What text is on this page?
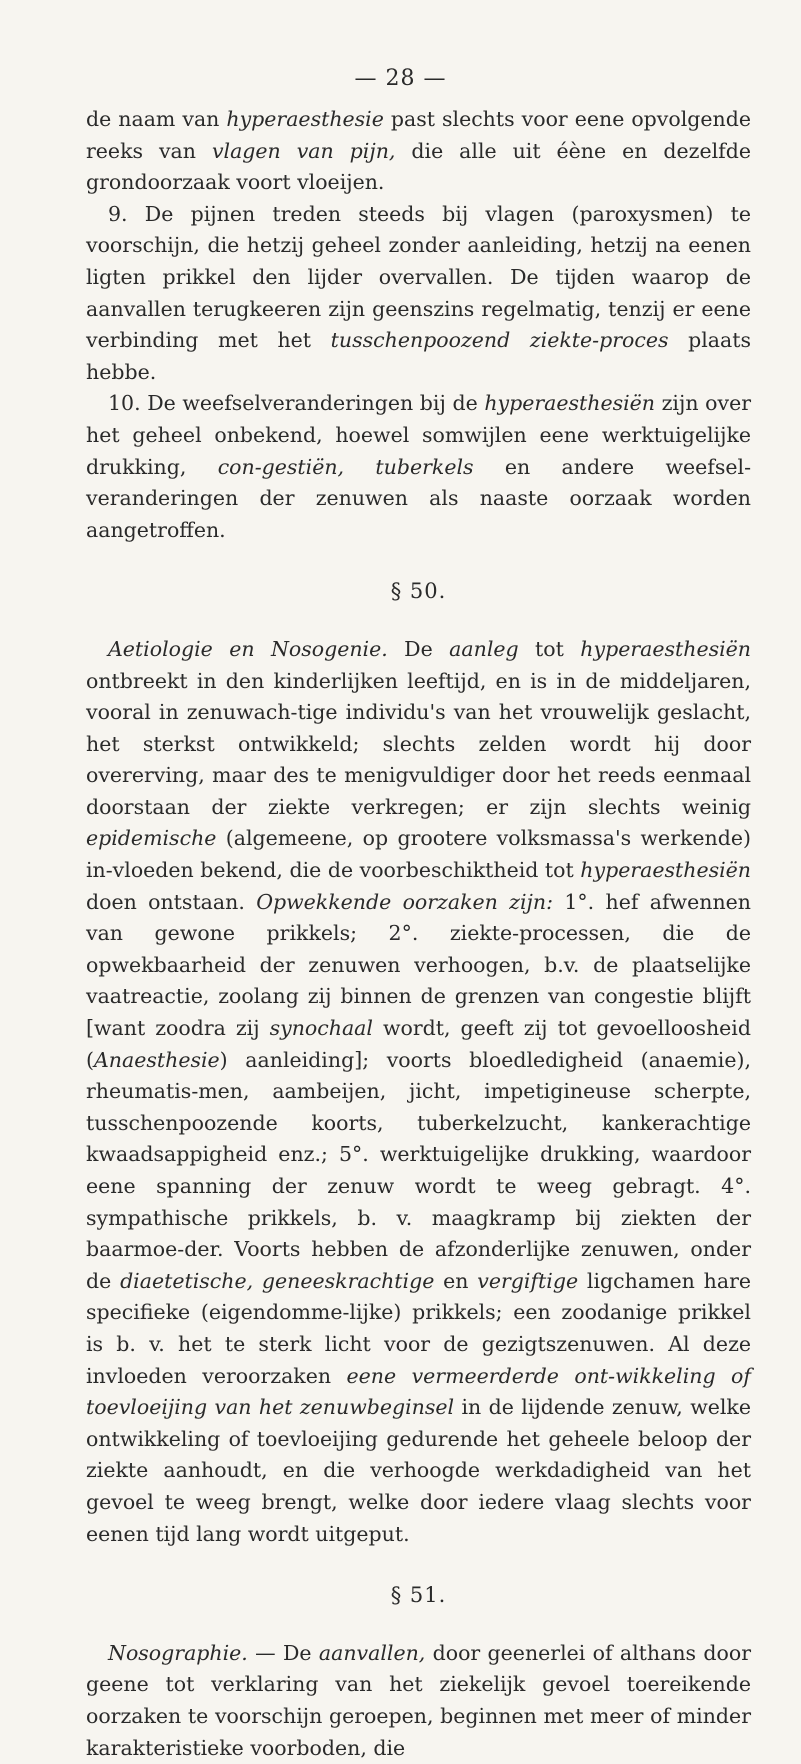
— 28 —

de naam van hyperaesthesie past slechts voor eene opvolgende reeks van vlagen van pijn, die alle uit éène en dezelfde grondoorzaak voort vloeijen.

9. De pijnen treden steeds bij vlagen (paroxysmen) te voorschijn, die hetzij geheel zonder aanleiding, hetzij na eenen ligten prikkel den lijder overvallen. De tijden waarop de aanvallen terugkeeren zijn geenszins regelmatig, tenzij er eene verbinding met het tusschenpoozend ziekte-proces plaats hebbe.

10. De weefselveranderingen bij de hyperaesthesiën zijn over het geheel onbekend, hoewel somwijlen eene werktuigelijke drukking, con-gestiën, tuberkels en andere weefsel-veranderingen der zenuwen als naaste oorzaak worden aangetroffen.

§ 50.

Aetiologie en Nosogenie. De aanleg tot hyperaesthesiën ontbreekt in den kinderlijken leeftijd, en is in de middeljaren, vooral in zenuwach-tige individu's van het vrouwelijk geslacht, het sterkst ontwikkeld; slechts zelden wordt hij door overerving, maar des te menigvuldiger door het reeds eenmaal doorstaan der ziekte verkregen; er zijn slechts weinig epidemische (algemeene, op grootere volksmassa's werkende) in-vloeden bekend, die de voorbeschiktheid tot hyperaesthesiën doen ontstaan. Opwekkende oorzaken zijn: 1°. hef afwennen van gewone prikkels; 2°. ziekte-processen, die de opwekbaarheid der zenuwen verhoogen, b.v. de plaatselijke vaatreactie, zoolang zij binnen de grenzen van congestie blijft [want zoodra zij synochaal wordt, geeft zij tot gevoelloosheid (Anaesthesie) aanleiding]; voorts bloedledigheid (anaemie), rheumatis-men, aambeijen, jicht, impetigineuse scherpte, tusschenpoozende koorts, tuberkelzucht, kankerachtige kwaadsappigheid enz.; 5°. werktuigelijke drukking, waardoor eene spanning der zenuw wordt te weeg gebragt. 4°. sympathische prikkels, b. v. maagkramp bij ziekten der baarmoe-der. Voorts hebben de afzonderlijke zenuwen, onder de diaetetische, geneeskrachtige en vergiftige ligchamen hare specifieke (eigendomme-lijke) prikkels; een zoodanige prikkel is b. v. het te sterk licht voor de gezigtszenuwen. Al deze invloeden veroorzaken eene vermeerderde ont-wikkeling of toevloeijing van het zenuwbeginsel in de lijdende zenuw, welke ontwikkeling of toevloeijing gedurende het geheele beloop der ziekte aanhoudt, en die verhoogde werkdadigheid van het gevoel te weeg brengt, welke door iedere vlaag slechts voor eenen tijd lang wordt uitgeput.

§ 51.

Nosographie. — De aanvallen, door geenerlei of althans door geene tot verklaring van het ziekelijk gevoel toereikende oorzaken te voorschijn geroepen, beginnen met meer of minder karakteristieke voorboden, die
